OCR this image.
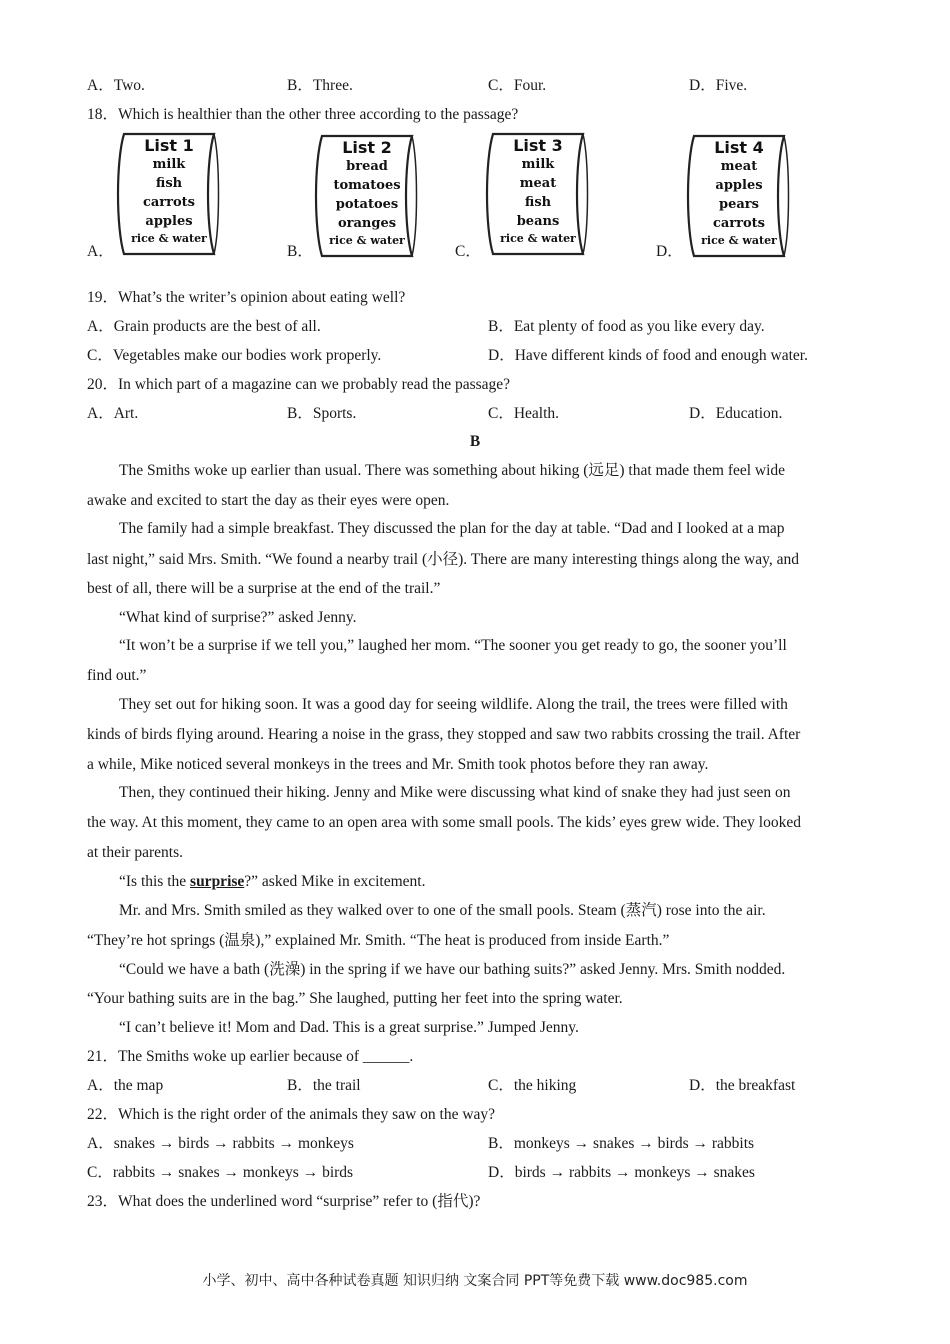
A．Two.	B．Three.	C．Four.	D．Five.
18．Which is healthier than the other three according to the passage?
A．	B．	C．	D．
List 1
milk
fish
carrots
apples
rice & water
List 2
bread
tomatoes
potatoes
oranges
rice & water
List 3
milk
meat
fish
beans
rice & water
List 4
meat
apples
pears
carrots
rice & water
19．What’s the writer’s opinion about eating well?
A．Grain products are the best of all.	B．Eat plenty of food as you like every day.
C．Vegetables make our bodies work properly.	D．Have different kinds of food and enough water.
20．In which part of a magazine can we probably read the passage?
A．Art.	B．Sports.	C．Health.	D．Education.
B
The Smiths woke up earlier than usual. There was something about hiking (远足) that made them feel wide
awake and excited to start the day as their eyes were open.
The family had a simple breakfast. They discussed the plan for the day at table. “Dad and I looked at a map
last night,” said Mrs. Smith. “We found a nearby trail (小径). There are many interesting things along the way, and
best of all, there will be a surprise at the end of the trail.”
“What kind of surprise?” asked Jenny.
“It won’t be a surprise if we tell you,” laughed her mom. “The sooner you get ready to go, the sooner you’ll
find out.”
They set out for hiking soon. It was a good day for seeing wildlife. Along the trail, the trees were filled with
kinds of birds flying around. Hearing a noise in the grass, they stopped and saw two rabbits crossing the trail. After
a while, Mike noticed several monkeys in the trees and Mr. Smith took photos before they ran away.
Then, they continued their hiking. Jenny and Mike were discussing what kind of snake they had just seen on
the way. At this moment, they came to an open area with some small pools. The kids’ eyes grew wide. They looked
at their parents.
“Is this the surprise?” asked Mike in excitement.
Mr. and Mrs. Smith smiled as they walked over to one of the small pools. Steam (蒸汽) rose into the air.
“They’re hot springs (温泉),” explained Mr. Smith. “The heat is produced from inside Earth.”
“Could we have a bath (洗澡) in the spring if we have our bathing suits?” asked Jenny. Mrs. Smith nodded.
“Your bathing suits are in the bag.” She laughed, putting her feet into the spring water.
“I can’t believe it! Mom and Dad. This is a great surprise.” Jumped Jenny.
21．The Smiths woke up earlier because of ______.
A．the map	B．the trail	C．the hiking	D．the breakfast
22．Which is the right order of the animals they saw on the way?
A．snakes → birds → rabbits → monkeys	B．monkeys → snakes → birds → rabbits
C．rabbits → snakes → monkeys → birds	D．birds → rabbits → monkeys → snakes
23．What does the underlined word “surprise” refer to (指代)?
小学、初中、高中各种试卷真题 知识归纳 文案合同 PPT等免费下载 www.doc985.com
